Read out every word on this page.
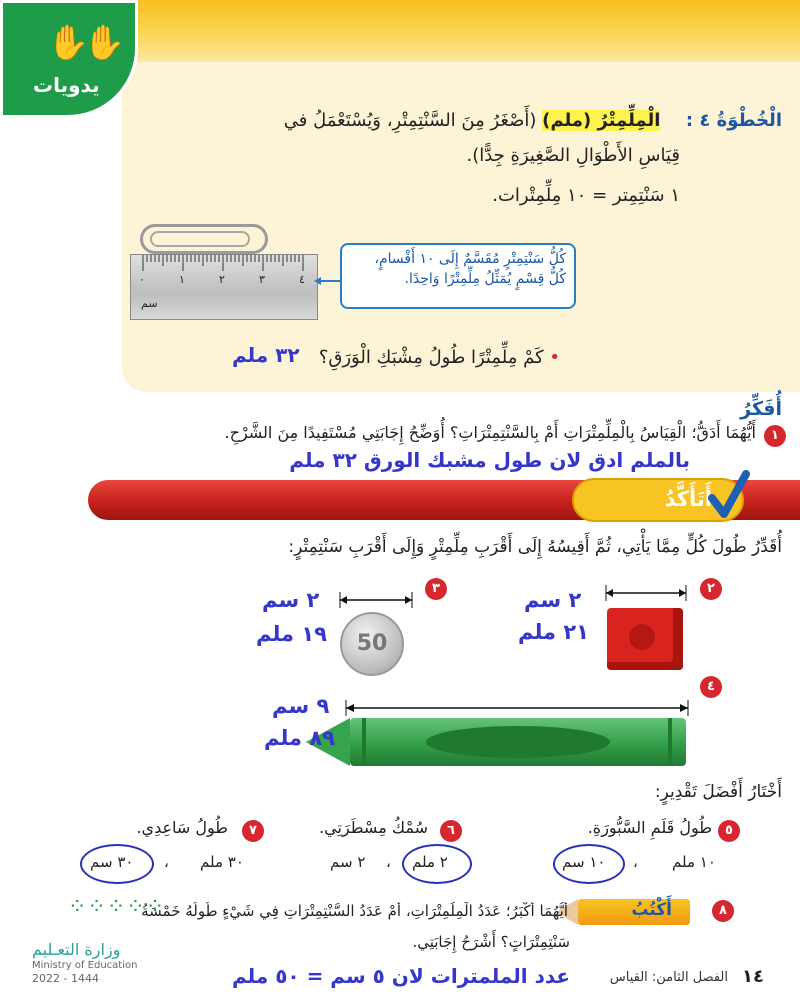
✋✋
يدويات
الْخُطْوَةُ ٤ :  الْمِلِّمِتْرُ (ملم) (أَصْغَرُ مِنَ السَّنْتِمِتْرِ، وَيُسْتَعْمَلُ في
قِيَاسِ الأَطْوَالِ الصَّغِيرَةِ جِدًّا).
١ سَنْتِمِتر = ١٠ مِلِّمِتْرات.
٠	١	٢	٣	٤
سم
كُلُّ سَنْتِمِتْرٍ مُقَسَّمٌ إِلَى ١٠ أَقْسامٍ،
كُلُّ قِسْمٍ يُمَثِّلُ مِلِّمِتْرًا وَاحِدًا.
• كَمْ مِلِّمِتْرًا طُولُ مِشْبَكِ الْوَرَقِ؟
٣٢ ملم
أُفَكِّرُ
١
أَيُّهُمَا أَدَقُّ؛ الْقِيَاسُ بِالْمِلِّمِتْرَاتِ أَمْ بِالسَّنْتِمِتْرَاتِ؟ أُوَضِّحُ إِجَابَتِي مُسْتَفِيدًا مِنَ الشَّرْحِ.
بالملم ادق لان طول مشبك الورق ٣٢ ملم
أَتَأَكَّدُ
أُقَدِّرُ طُولَ كُلٍّ مِمَّا يَأْتِي، ثُمَّ أَقِيسُهُ إِلَى أَقْرَبِ مِلِّمِتْرٍ وَإِلَى أَقْرَبِ سَنْتِمِتْرٍ:
٢
٢ سم
٢١ ملم
٣
50
٢ سم
١٩ ملم
٤
٩ سم
٨٩ ملم
أَخْتَارُ أَفْضَلَ تَقْدِيرٍ:
٥
طُولُ قَلَمِ السَّبُّورَةِ.
١٠ ملم
،
١٠ سم
٦
سُمْكُ مِسْطَرَتِي.
٢ ملم
،
٢ سم
٧
طُولُ سَاعِدِي.
٣٠ ملم
،
٣٠ سم
٨
أَكْتُبُ
أَيُّهُمَا أَكْبَرُ؛ عَدَدُ الْمِلِّمِتْرَاتِ، أَمْ عَدَدُ السَّنْتِمِتْرَاتِ فِي شَيْءٍ طُولُهُ خَمْسَةُ
⁘⁘⁘⁘⁘
سَنْتِمِتْرَاتٍ؟ أَشْرَحُ إِجَابَتِي.
عدد الملمترات لان ٥ سم = ٥٠ ملم	١٤
الفصل الثامن: القياس
وزارة التعـليم
Ministry of Education
2022 - 1444
